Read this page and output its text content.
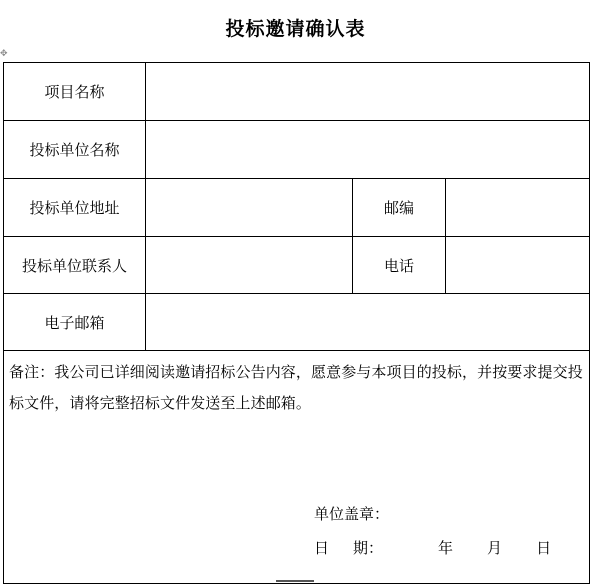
投标邀请确认表
✥
项目名称			
投标单位名称			
投标单位地址		邮编	
投标单位联系人		电话	
电子邮箱			

备注：我公司已详细阅读邀请招标公告内容，愿意参与本项目的投标，并按要求提交投标文件，请将完整招标文件发送至上述邮箱。
单位盖章：
日 期： 年 月 日			
